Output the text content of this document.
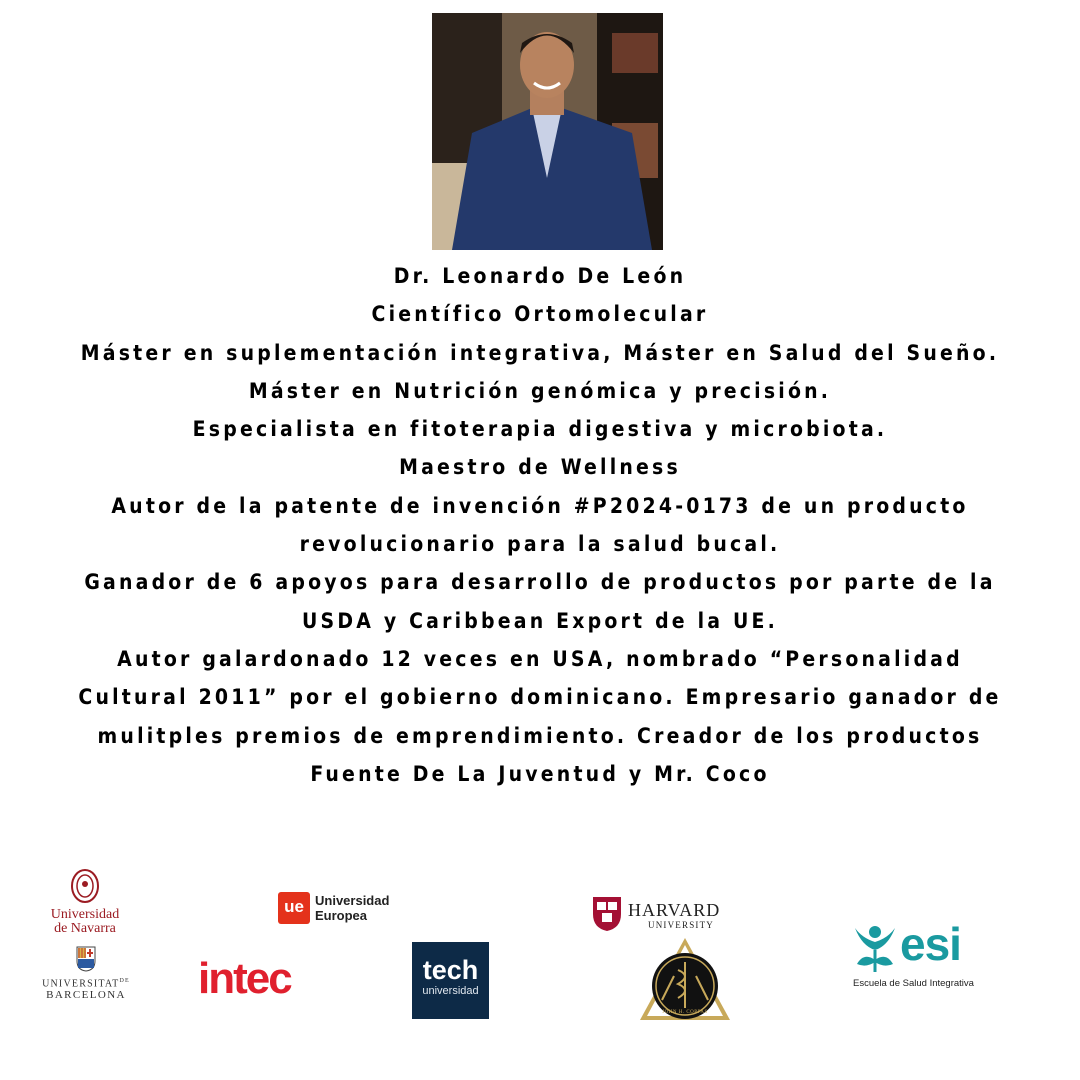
Dr. Leonardo De León
Científico Ortomolecular
Máster en suplementación integrativa, Máster en Salud del Sueño.
Máster en Nutrición genómica y precisión.
Especialista en fitoterapia digestiva y microbiota.
Maestro de Wellness
Autor de la patente de invención #P2024-0173 de un producto
revolucionario para la salud bucal.
Ganador de 6 apoyos para desarrollo de productos por parte de la
USDA y Caribbean Export de la UE.
Autor galardonado 12 veces en USA, nombrado “Personalidad
Cultural 2011” por el gobierno dominicano. Empresario ganador de
mulitples premios de emprendimiento. Creador de los productos
Fuente De La Juventud y Mr. Coco
Universidad
de Navarra
$UNIVERSITAT^{DE}$
BARCELONA
ue Universidad
Europea
intec	tech
universidad
HARVARD
UNIVERSITY
JOHN H. COPPAS
esi
Escuela de Salud Integrativa
